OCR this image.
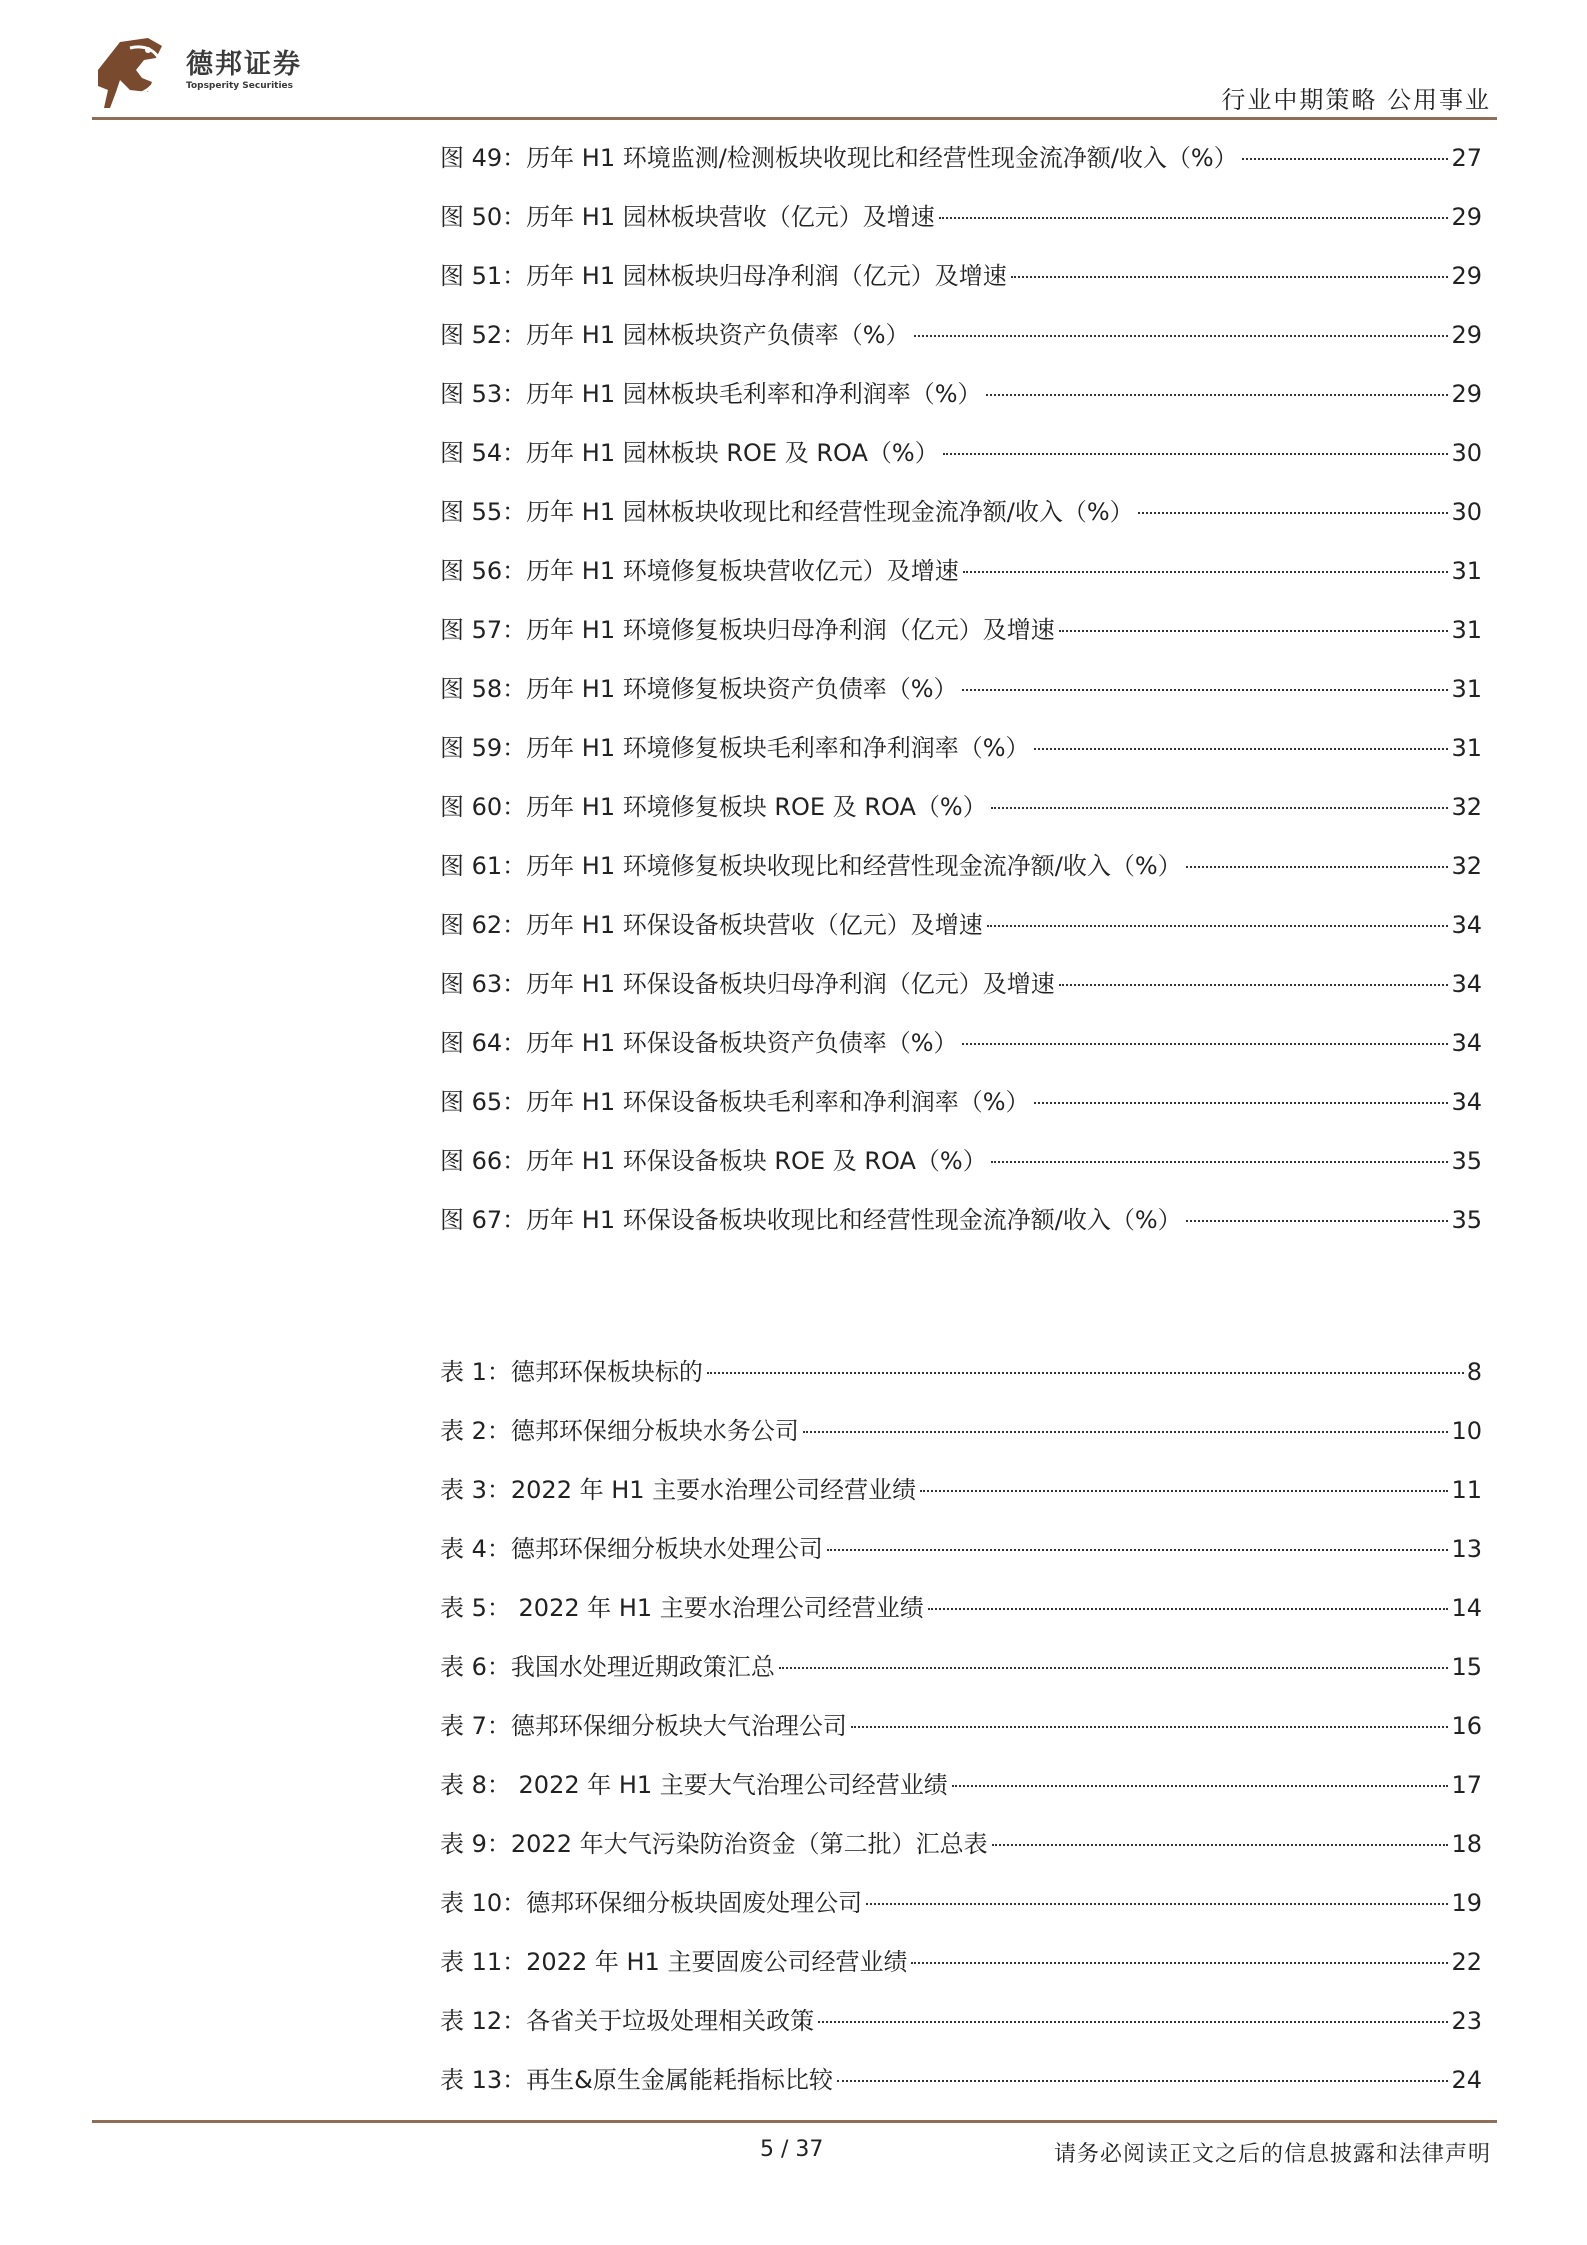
德邦证券
Topsperity Securities	行业中期策略 公用事业
图 49：历年 H1 环境监测/检测板块收现比和经营性现金流净额/收入（%）	27
图 50：历年 H1 园林板块营收（亿元）及增速	29
图 51：历年 H1 园林板块归母净利润（亿元）及增速	29
图 52：历年 H1 园林板块资产负债率（%）	29
图 53：历年 H1 园林板块毛利率和净利润率（%）	29
图 54：历年 H1 园林板块 ROE 及 ROA（%）	30
图 55：历年 H1 园林板块收现比和经营性现金流净额/收入（%）	30
图 56：历年 H1 环境修复板块营收亿元）及增速	31
图 57：历年 H1 环境修复板块归母净利润（亿元）及增速	31
图 58：历年 H1 环境修复板块资产负债率（%）	31
图 59：历年 H1 环境修复板块毛利率和净利润率（%）	31
图 60：历年 H1 环境修复板块 ROE 及 ROA（%）	32
图 61：历年 H1 环境修复板块收现比和经营性现金流净额/收入（%）	32
图 62：历年 H1 环保设备板块营收（亿元）及增速	34
图 63：历年 H1 环保设备板块归母净利润（亿元）及增速	34
图 64：历年 H1 环保设备板块资产负债率（%）	34
图 65：历年 H1 环保设备板块毛利率和净利润率（%）	34
图 66：历年 H1 环保设备板块 ROE 及 ROA（%）	35
图 67：历年 H1 环保设备板块收现比和经营性现金流净额/收入（%）	35
表 1：德邦环保板块标的	8
表 2：德邦环保细分板块水务公司	10
表 3：2022 年 H1 主要水治理公司经营业绩	11
表 4：德邦环保细分板块水处理公司	13
表 5： 2022 年 H1 主要水治理公司经营业绩	14
表 6：我国水处理近期政策汇总	15
表 7：德邦环保细分板块大气治理公司	16
表 8： 2022 年 H1 主要大气治理公司经营业绩	17
表 9：2022 年大气污染防治资金（第二批）汇总表	18
表 10：德邦环保细分板块固废处理公司	19
表 11：2022 年 H1 主要固废公司经营业绩	22
表 12：各省关于垃圾处理相关政策	23
表 13：再生&原生金属能耗指标比较	24
5 / 37	请务必阅读正文之后的信息披露和法律声明
